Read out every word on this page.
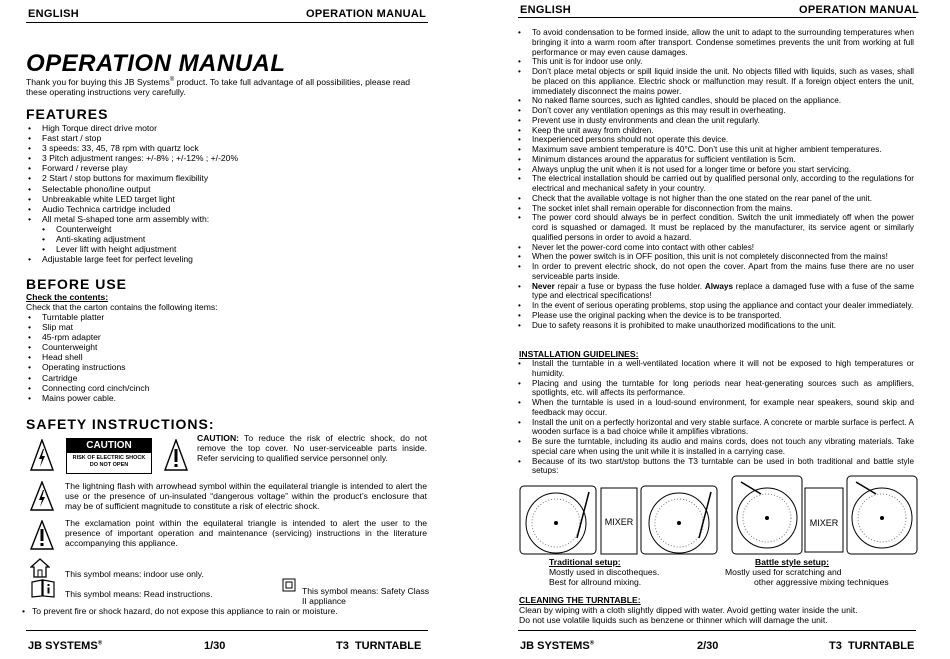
ENGLISH	OPERATION MANUAL
OPERATION MANUAL
Thank you for buying this JB Systems® product. To take full advantage of all possibilities, please read these operating instructions very carefully.
FEATURES
• High Torque direct drive motor
• Fast start / stop
• 3 speeds: 33, 45, 78 rpm with quartz lock
• 3 Pitch adjustment ranges: +/-8% ; +/-12% ; +/-20%
• Forward / reverse play
• 2 Start / stop buttons for maximum flexibility
• Selectable phono/line output
• Unbreakable white LED target light
• Audio Technica cartridge included
• All metal S-shaped tone arm assembly with:
• Counterweight
• Anti-skating adjustment
• Lever lift with height adjustment
• Adjustable large feet for perfect leveling
BEFORE USE
Check the contents:
Check that the carton contains the following items:
• Turntable platter
• Slip mat
• 45-rpm adapter
• Counterweight
• Head shell
• Operating instructions
• Cartridge
• Connecting cord cinch/cinch
• Mains power cable.
SAFETY INSTRUCTIONS:
CAUTION
RISK OF ELECTRIC SHOCK
DO NOT OPEN
CAUTION: To reduce the risk of electric shock, do not remove the top cover. No user-serviceable parts inside. Refer servicing to qualified service personnel only.
The lightning flash with arrowhead symbol within the equilateral triangle is intended to alert the use or the presence of un-insulated “dangerous voltage” within the product’s enclosure that may be of sufficient magnitude to constitute a risk of electric shock.
The exclamation point within the equilateral triangle is intended to alert the user to the presence of important operation and maintenance (servicing) instructions in the literature accompanying this appliance.
This symbol means: indoor use only.
This symbol means: Read instructions.	This symbol means: Safety Class II appliance
• To prevent fire or shock hazard, do not expose this appliance to rain or moisture.
JB SYSTEMS®	1/30	T3  TURNTABLE
ENGLISH	OPERATION MANUAL
• To avoid condensation to be formed inside, allow the unit to adapt to the surrounding temperatures when bringing it into a warm room after transport. Condense sometimes prevents the unit from working at full performance or may even cause damages.
• This unit is for indoor use only.
• Don’t place metal objects or spill liquid inside the unit. No objects filled with liquids, such as vases, shall be placed on this appliance. Electric shock or malfunction may result. If a foreign object enters the unit, immediately disconnect the mains power.
• No naked flame sources, such as lighted candles, should be placed on the appliance.
• Don’t cover any ventilation openings as this may result in overheating.
• Prevent use in dusty environments and clean the unit regularly.
• Keep the unit away from children.
• Inexperienced persons should not operate this device.
• Maximum save ambient temperature is 40°C. Don’t use this unit at higher ambient temperatures.
• Minimum distances around the apparatus for sufficient ventilation is 5cm.
• Always unplug the unit when it is not used for a longer time or before you start servicing.
• The electrical installation should be carried out by qualified personal only, according to the regulations for electrical and mechanical safety in your country.
• Check that the available voltage is not higher than the one stated on the rear panel of the unit.
• The socket inlet shall remain operable for disconnection from the mains.
• The power cord should always be in perfect condition. Switch the unit immediately off when the power cord is squashed or damaged. It must be replaced by the manufacturer, its service agent or similarly qualified persons in order to avoid a hazard.
• Never let the power-cord come into contact with other cables!
• When the power switch is in OFF position, this unit is not completely disconnected from the mains!
• In order to prevent electric shock, do not open the cover. Apart from the mains fuse there are no user serviceable parts inside.
• Never repair a fuse or bypass the fuse holder. Always replace a damaged fuse with a fuse of the same type and electrical specifications!
• In the event of serious operating problems, stop using the appliance and contact your dealer immediately.
• Please use the original packing when the device is to be transported.
• Due to safety reasons it is prohibited to make unauthorized modifications to the unit.
INSTALLATION GUIDELINES:
• Install the turntable in a well-ventilated location where it will not be exposed to high temperatures or humidity.
• Placing and using the turntable for long periods near heat-generating sources such as amplifiers, spotlights, etc. will affects its performance.
• When the turntable is used in a loud-sound environment, for example near speakers, sound skip and feedback may occur.
• Install the unit on a perfectly horizontal and very stable surface. A concrete or marble surface is perfect. A wooden surface is a bad choice while it amplifies vibrations.
• Be sure the turntable, including its audio and mains cords, does not touch any vibrating materials. Take special care when using the unit while it is installed in a carrying case.
• Because of its two start/stop buttons the T3 turntable can be used in both traditional and battle style setups:
MIXER	MIXER
Traditional setup:
Mostly used in discotheques.
Best for allround mixing.
Battle style setup:
Mostly used for scratching and
other aggressive mixing techniques
CLEANING THE TURNTABLE:
Clean by wiping with a cloth slightly dipped with water. Avoid getting water inside the unit.
Do not use volatile liquids such as benzene or thinner which will damage the unit.
JB SYSTEMS®	2/30	T3  TURNTABLE
